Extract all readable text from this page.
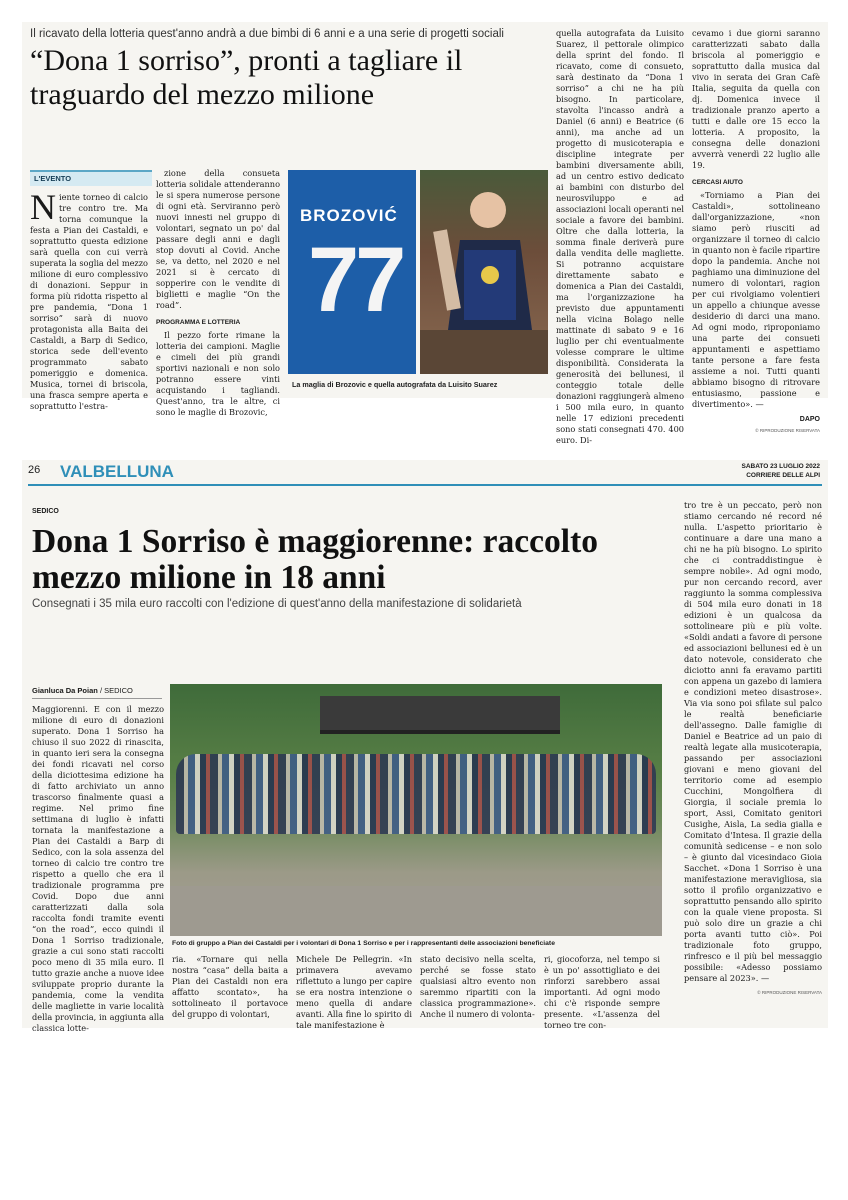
Il ricavato della lotteria quest'anno andrà a due bimbi di 6 anni e a una serie di progetti sociali
“Dona 1 sorriso”, pronti a tagliare il traguardo del mezzo milione
L'EVENTO

Niente torneo di calcio tre contro tre. Ma torna comunque la festa a Pian dei Castaldi, e soprattutto questa edizione sarà quella con cui verrà superata la soglia del mezzo milione di euro complessivo di donazioni. Seppur in forma più ridotta rispetto al pre pandemia, “Dona 1 sorriso” sarà di nuovo protagonista alla Baita dei Castaldi, a Barp di Sedico, storica sede dell'evento programmato sabato pomeriggio e domenica. Musica, tornei di briscola, una frasca sempre aperta e soprattutto l'estra-

zione della consueta lotteria solidale attenderanno le si spera numerose persone di ogni età. Serviranno però nuovi innesti nel gruppo di volontari, segnato un po' dal passare degli anni e dagli stop dovuti al Covid. Anche se, va detto, nel 2020 e nel 2021 si è cercato di sopperire con le vendite di biglietti e maglie “On the road”.

PROGRAMMA E LOTTERIA

Il pezzo forte rimane la lotteria dei campioni. Maglie e cimeli dei più grandi sportivi nazionali e non solo potranno essere vinti acquistando i tagliandi. Quest'anno, tra le altre, ci sono le maglie di Brozovic,

BROZOVIĆ
77
La maglia di Brozovic e quella autografata da Luisito Suarez

quella autografata da Luisito Suarez, il pettorale olimpico della sprint del fondo. Il ricavato, come di consueto, sarà destinato da “Dona 1 sorriso” a chi ne ha più bisogno. In particolare, stavolta l'incasso andrà a Daniel (6 anni) e Beatrice (6 anni), ma anche ad un progetto di musicoterapia e discipline integrate per bambini diversamente abili, ad un centro estivo dedicato ai bambini con disturbo del neurosviluppo e ad associazioni locali operanti nel sociale a favore dei bambini. Oltre che dalla lotteria, la somma finale deriverà pure dalla vendita delle magliette. Si potranno acquistare direttamente sabato e domenica a Pian dei Castaldi, ma l'organizzazione ha previsto due appuntamenti nella vicina Bolago nelle mattinate di sabato 9 e 16 luglio per chi eventualmente volesse comprare le ultime disponibilità. Considerata la generosità dei bellunesi, il conteggio totale delle donazioni raggiungerà almeno i 500 mila euro, in quanto nelle 17 edizioni precedenti sono stati consegnati 470. 400 euro. Di-

cevamo i due giorni saranno caratterizzati sabato dalla briscola al pomeriggio e soprattutto dalla musica dal vivo in serata dei Gran Cafè Italia, seguita da quella con dj. Domenica invece il tradizionale pranzo aperto a tutti e dalle ore 15 ecco la lotteria. A proposito, la consegna delle donazioni avverrà venerdì 22 luglio alle 19.

CERCASI AIUTO

«Torniamo a Pian dei Castaldi», sottolineano dall'organizzazione, «non siamo però riusciti ad organizzare il torneo di calcio in quanto non è facile ripartire dopo la pandemia. Anche noi paghiamo una diminuzione del numero di volontari, ragion per cui rivolgiamo volentieri un appello a chiunque avesse desiderio di darci una mano. Ad ogni modo, riproponiamo una parte dei consueti appuntamenti e aspettiamo tante persone a fare festa assieme a noi. Tutti quanti abbiamo bisogno di ritrovare entusiasmo, passione e divertimento». —

DAPO
© RIPRODUZIONE RISERVATA
26 VALBELLUNA	SABATO 23 LUGLIO 2022
CORRIERE DELLE ALPI
SEDICO
Dona 1 Sorriso è maggiorenne: raccolto mezzo milione in 18 anni
Consegnati i 35 mila euro raccolti con l'edizione di quest'anno della manifestazione di solidarietà
Gianluca Da Poian / SEDICO

Maggiorenni. E con il mezzo milione di euro di donazioni superato. Dona 1 Sorriso ha chiuso il suo 2022 di rinascita, in quanto ieri sera la consegna dei fondi ricavati nel corso della diciottesima edizione ha di fatto archiviato un anno trascorso finalmente quasi a regime. Nel primo fine settimana di luglio è infatti tornata la manifestazione a Pian dei Castaldi a Barp di Sedico, con la sola assenza del torneo di calcio tre contro tre rispetto a quello che era il tradizionale programma pre Covid. Dopo due anni caratterizzati dalla sola raccolta fondi tramite eventi “on the road”, ecco quindi il Dona 1 Sorriso tradizionale, grazie a cui sono stati raccolti poco meno di 35 mila euro. Il tutto grazie anche a nuove idee sviluppate proprio durante la pandemia, come la vendita delle magliette in varie località della provincia, in aggiunta alla classica lotte-

Foto di gruppo a Pian dei Castaldi per i volontari di Dona 1 Sorriso e per i rappresentanti delle associazioni beneficiate

ria. «Tornare qui nella nostra “casa” della baita a Pian dei Castaldi non era affatto scontato», ha sottolineato il portavoce del gruppo di volontari,

Michele De Pellegrin. «In primavera avevamo riflettuto a lungo per capire se era nostra intenzione o meno quella di andare avanti. Alla fine lo spirito di tale manifestazione è

stato decisivo nella scelta, perché se fosse stato qualsiasi altro evento non saremmo ripartiti con la classica programmazione». Anche il numero di volonta-

ri, giocoforza, nel tempo si è un po' assottigliato e dei rinforzi sarebbero assai importanti. Ad ogni modo chi c'è risponde sempre presente. «L'assenza del torneo tre con-

tro tre è un peccato, però non stiamo cercando né record né nulla. L'aspetto prioritario è continuare a dare una mano a chi ne ha più bisogno. Lo spirito che ci contraddistingue è sempre nobile». Ad ogni modo, pur non cercando record, aver raggiunto la somma complessiva di 504 mila euro donati in 18 edizioni è un qualcosa da sottolineare più e più volte. «Soldi andati a favore di persone ed associazioni bellunesi ed è un dato notevole, considerato che diciotto anni fa eravamo partiti con appena un gazebo di lamiera e condizioni meteo disastrose». Via via sono poi sfilate sul palco le realtà beneficiarie dell'assegno. Dalle famiglie di Daniel e Beatrice ad un paio di realtà legate alla musicoterapia, passando per associazioni giovani e meno giovani del territorio come ad esempio Cucchini, Mongolfiera di Giorgia, il sociale premia lo sport, Assi, Comitato genitori Cusighe, Aisla, La sedia gialla e Comitato d'Intesa. Il grazie della comunità sedicense – e non solo – è giunto dal vicesindaco Gioia Sacchet. «Dona 1 Sorriso è una manifestazione meravigliosa, sia sotto il profilo organizzativo e soprattutto pensando allo spirito con la quale viene proposta. Si può solo dire un grazie a chi porta avanti tutto ciò». Poi tradizionale foto gruppo, rinfresco e il più bel messaggio possibile: «Adesso possiamo pensare al 2023». —

© RIPRODUZIONE RISERVATA
